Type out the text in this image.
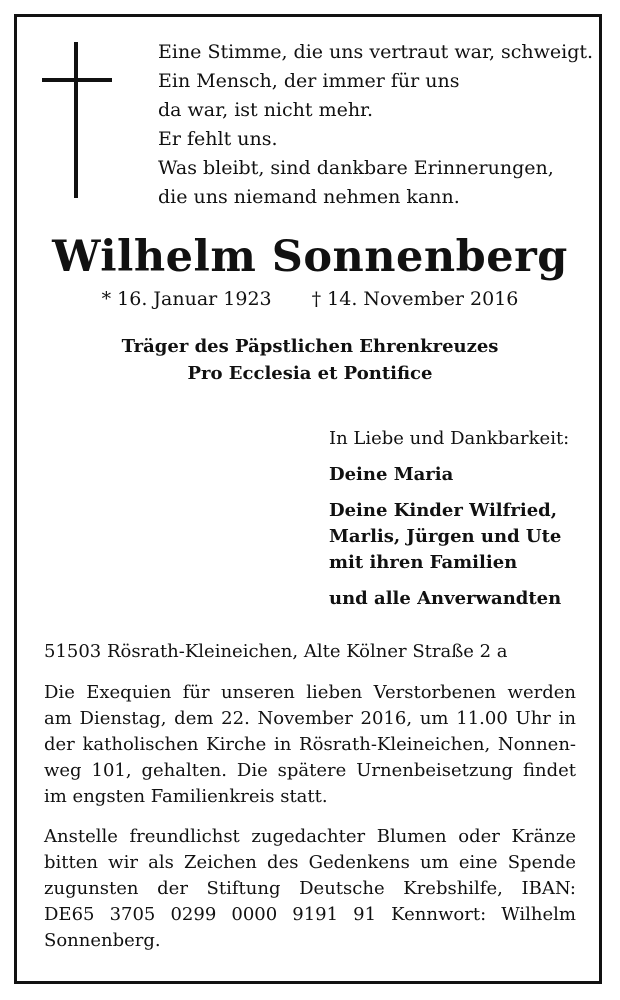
Eine Stimme, die uns vertraut war, schweigt.
Ein Mensch, der immer für uns
da war, ist nicht mehr.
Er fehlt uns.
Was bleibt, sind dankbare Erinnerungen,
die uns niemand nehmen kann.
Wilhelm Sonnenberg
* 16. Januar 1923 † 14. November 2016
Träger des Päpstlichen Ehrenkreuzes
Pro Ecclesia et Pontifice
In Liebe und Dankbarkeit:
Deine Maria
Deine Kinder Wilfried,
Marlis, Jürgen und Ute
mit ihren Familien
und alle Anverwandten
51503 Rösrath-Kleineichen, Alte Kölner Straße 2 a
Die Exequien für unseren lieben Verstorbenen werden
am Dienstag, dem 22. November 2016, um 11.00 Uhr in
der katholischen Kirche in Rösrath-Kleineichen, Nonnen-
weg 101, gehalten. Die spätere Urnenbeisetzung findet
im engsten Familienkreis statt.
Anstelle freundlichst zugedachter Blumen oder Kränze
bitten wir als Zeichen des Gedenkens um eine Spende
zugunsten der Stiftung Deutsche Krebshilfe, IBAN:
DE65 3705 0299 0000 9191 91 Kennwort: Wilhelm
Sonnenberg.
